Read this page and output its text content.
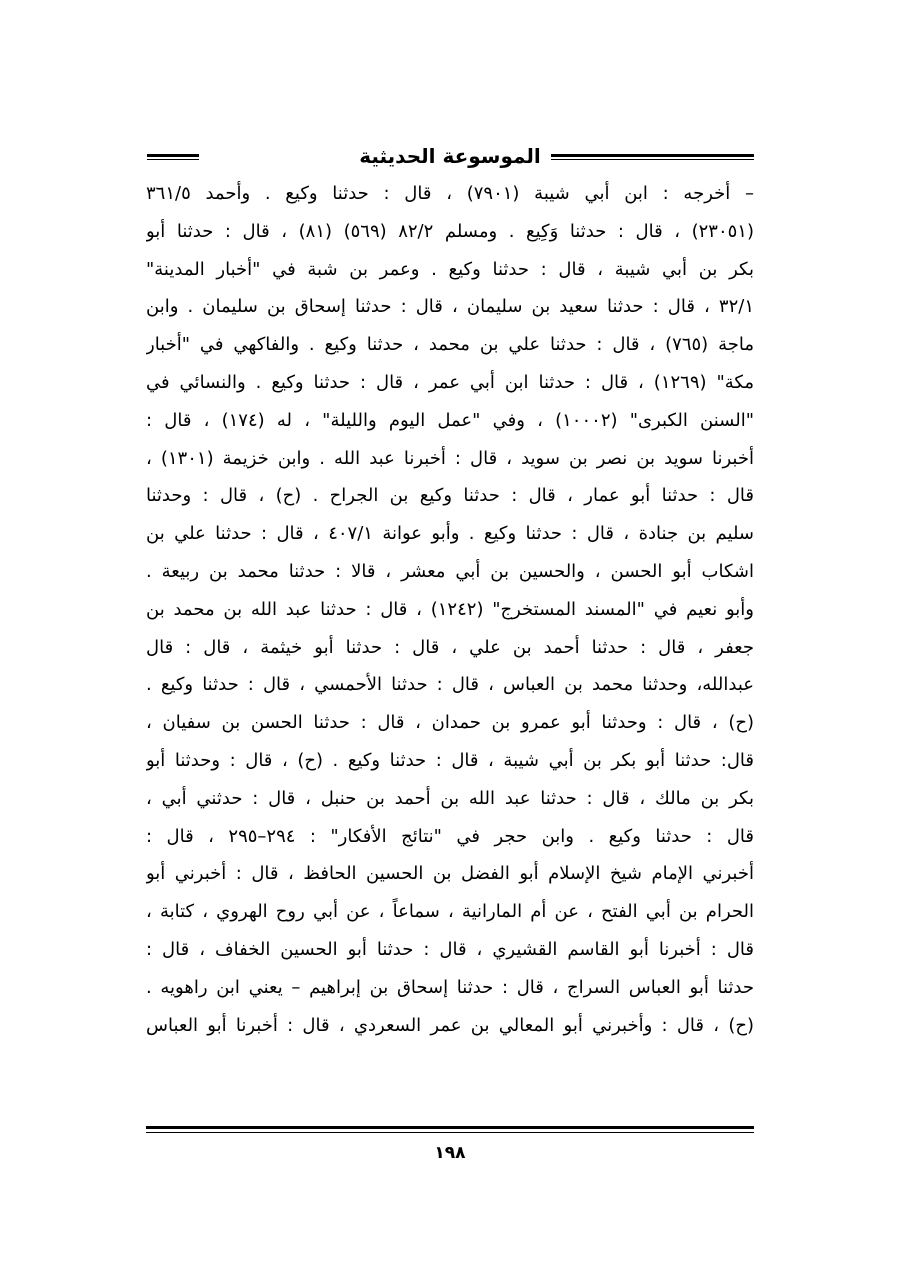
الموسوعة الحديثية
– أخرجه : ابن أبي شيبة (٧٩٠١) ، قال : حدثنا وكيع . وأحمد ٣٦١/٥
(٢٣٠٥١) ، قال : حدثنا وَكِيع . ومسلم ٨٢/٢ (٥٦٩) (٨١) ، قال : حدثنا أبو
بكر بن أبي شيبة ، قال : حدثنا وكيع . وعمر بن شبة في "أخبار المدينة"
٣٢/١ ، قال : حدثنا سعيد بن سليمان ، قال : حدثنا إسحاق بن سليمان . وابن
ماجة (٧٦٥) ، قال : حدثنا علي بن محمد ، حدثنا وكيع . والفاكهي في "أخبار
مكة" (١٢٦٩) ، قال : حدثنا ابن أبي عمر ، قال : حدثنا وكيع . والنسائي في
"السنن الكبرى" (١٠٠٠٢) ، وفي "عمل اليوم والليلة" ، له (١٧٤) ، قال :
أخبرنا سويد بن نصر بن سويد ، قال : أخبرنا عبد الله . وابن خزيمة (١٣٠١) ،
قال : حدثنا أبو عمار ، قال : حدثنا وكيع بن الجراح . (ح) ، قال : وحدثنا
سليم بن جنادة ، قال : حدثنا وكيع . وأبو عوانة ٤٠٧/١ ، قال : حدثنا علي بن
اشكاب أبو الحسن ، والحسين بن أبي معشر ، قالا : حدثنا محمد بن ربيعة .
وأبو نعيم في "المسند المستخرج" (١٢٤٢) ، قال : حدثنا عبد الله بن محمد بن
جعفر ، قال : حدثنا أحمد بن علي ، قال : حدثنا أبو خيثمة ، قال : قال
عبدالله، وحدثنا محمد بن العباس ، قال : حدثنا الأحمسي ، قال : حدثنا وكيع .
(ح) ، قال : وحدثنا أبو عمرو بن حمدان ، قال : حدثنا الحسن بن سفيان ،
قال: حدثنا أبو بكر بن أبي شيبة ، قال : حدثنا وكيع . (ح) ، قال : وحدثنا أبو
بكر بن مالك ، قال : حدثنا عبد الله بن أحمد بن حنبل ، قال : حدثني أبي ،
قال : حدثنا وكيع . وابن حجر في "نتائج الأفكار" : ٢٩٤–٢٩٥ ، قال :
أخبرني الإمام شيخ الإسلام أبو الفضل بن الحسين الحافظ ، قال : أخبرني أبو
الحرام بن أبي الفتح ، عن أم المارانية ، سماعاً ، عن أبي روح الهروي ، كتابة ،
قال : أخبرنا أبو القاسم القشيري ، قال : حدثنا أبو الحسين الخفاف ، قال :
حدثنا أبو العباس السراج ، قال : حدثنا إسحاق بن إبراهيم – يعني ابن راهويه .
(ح) ، قال : وأخبرني أبو المعالي بن عمر السعردي ، قال : أخبرنا أبو العباس
١٩٨
